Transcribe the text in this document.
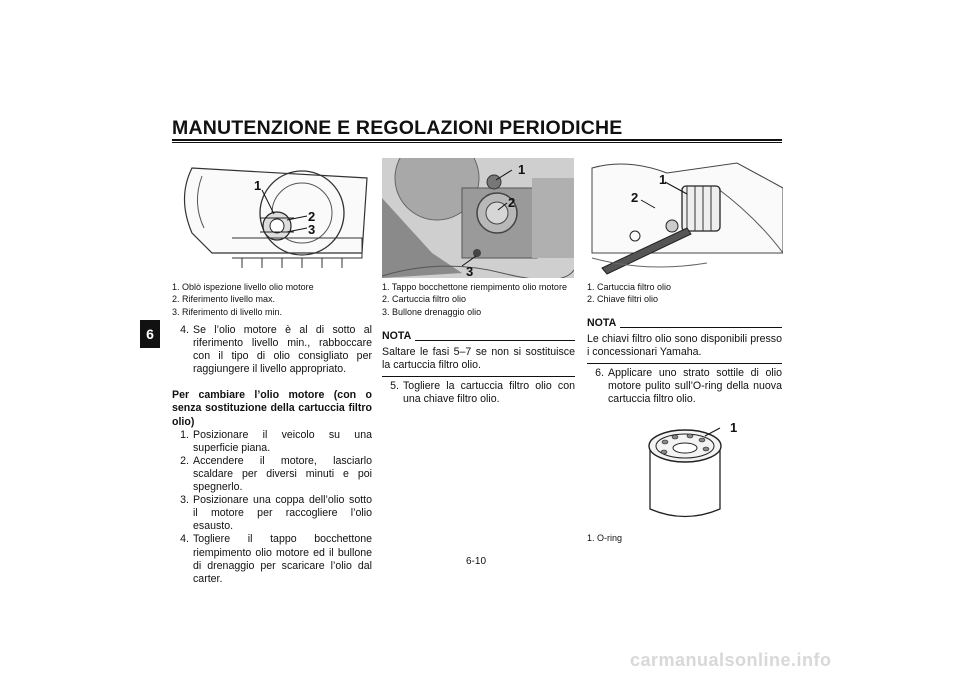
MANUTENZIONE E REGOLAZIONI PERIODICHE
6
1
2
3
1. Oblò ispezione livello olio motore
2. Riferimento livello max.
3. Riferimento di livello min.
4. Se l’olio motore è al di sotto al riferimento livello min., rabboccare con il tipo di olio consigliato per raggiungere il livello appropriato.
Per cambiare l’olio motore (con o senza sostituzione della cartuccia filtro olio)
1. Posizionare il veicolo su una superficie piana.
2. Accendere il motore, lasciarlo scaldare per diversi minuti e poi spegnerlo.
3. Posizionare una coppa dell’olio sotto il motore per raccogliere l’olio esausto.
4. Togliere il tappo bocchettone riempimento olio motore ed il bullone di drenaggio per scaricare l’olio dal carter.
1
2
3
1. Tappo bocchettone riempimento olio motore
2. Cartuccia filtro olio
3. Bullone drenaggio olio
NOTA
Saltare le fasi 5–7 se non si sostituisce la cartuccia filtro olio.
5. Togliere la cartuccia filtro olio con una chiave filtro olio.
1
2
1. Cartuccia filtro olio
2. Chiave filtri olio
NOTA
Le chiavi filtro olio sono disponibili presso i concessionari Yamaha.
6. Applicare uno strato sottile di olio motore pulito sull’O-ring della nuova cartuccia filtro olio.
1
1. O-ring
6-10
carmanualsonline.info
